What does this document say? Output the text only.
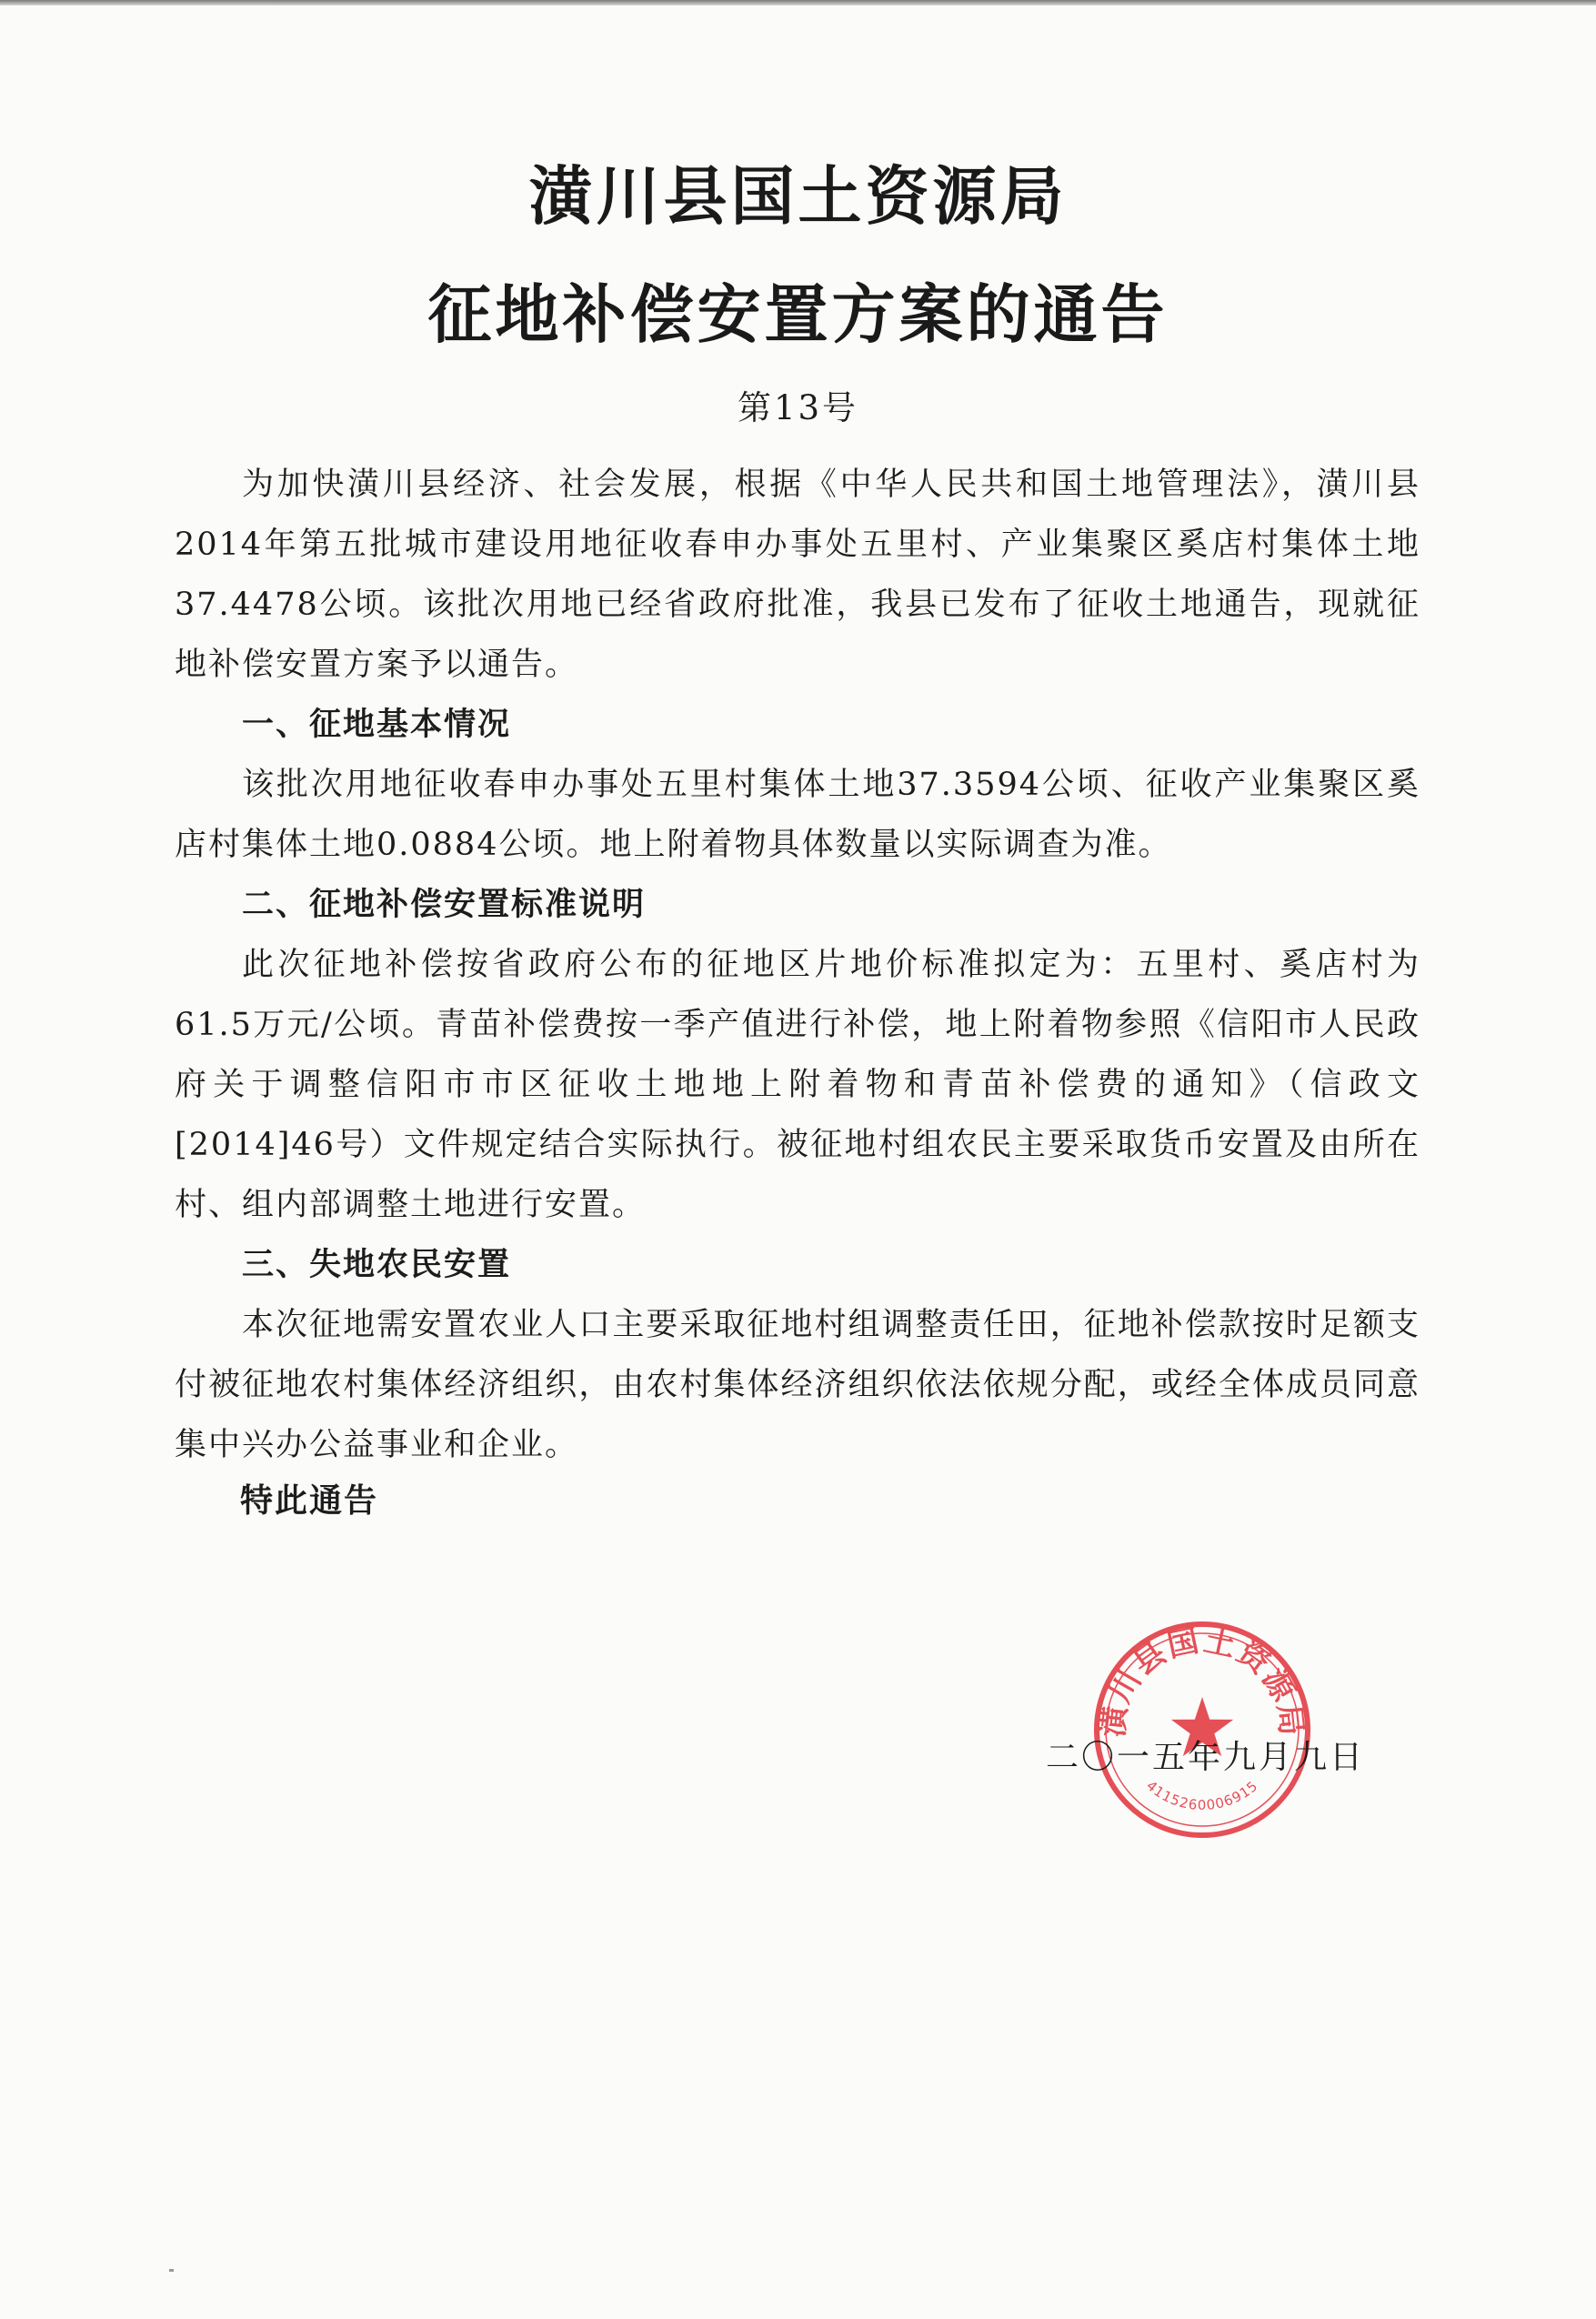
潢川县国土资源局
征地补偿安置方案的通告
第13号

为加快潢川县经济、社会发展，根据《中华人民共和国土地管理法》，潢川县2014年第五批城市建设用地征收春申办事处五里村、产业集聚区奚店村集体土地37.4478公顷。该批次用地已经省政府批准，我县已发布了征收土地通告，现就征地补偿安置方案予以通告。

一、征地基本情况

该批次用地征收春申办事处五里村集体土地37.3594公顷、征收产业集聚区奚店村集体土地0.0884公顷。地上附着物具体数量以实际调查为准。

二、征地补偿安置标准说明

此次征地补偿按省政府公布的征地区片地价标准拟定为：五里村、奚店村为61.5万元/公顷。青苗补偿费按一季产值进行补偿，地上附着物参照《信阳市人民政府关于调整信阳市市区征收土地地上附着物和青苗补偿费的通知》（信政文[2014]46号）文件规定结合实际执行。被征地村组农民主要采取货币安置及由所在村、组内部调整土地进行安置。

三、失地农民安置

本次征地需安置农业人口主要采取征地村组调整责任田，征地补偿款按时足额支付被征地农村集体经济组织，由农村集体经济组织依法依规分配，或经全体成员同意集中兴办公益事业和企业。

特此通告
潢川县国土资源局
4115260006915
二〇一五年九月九日
